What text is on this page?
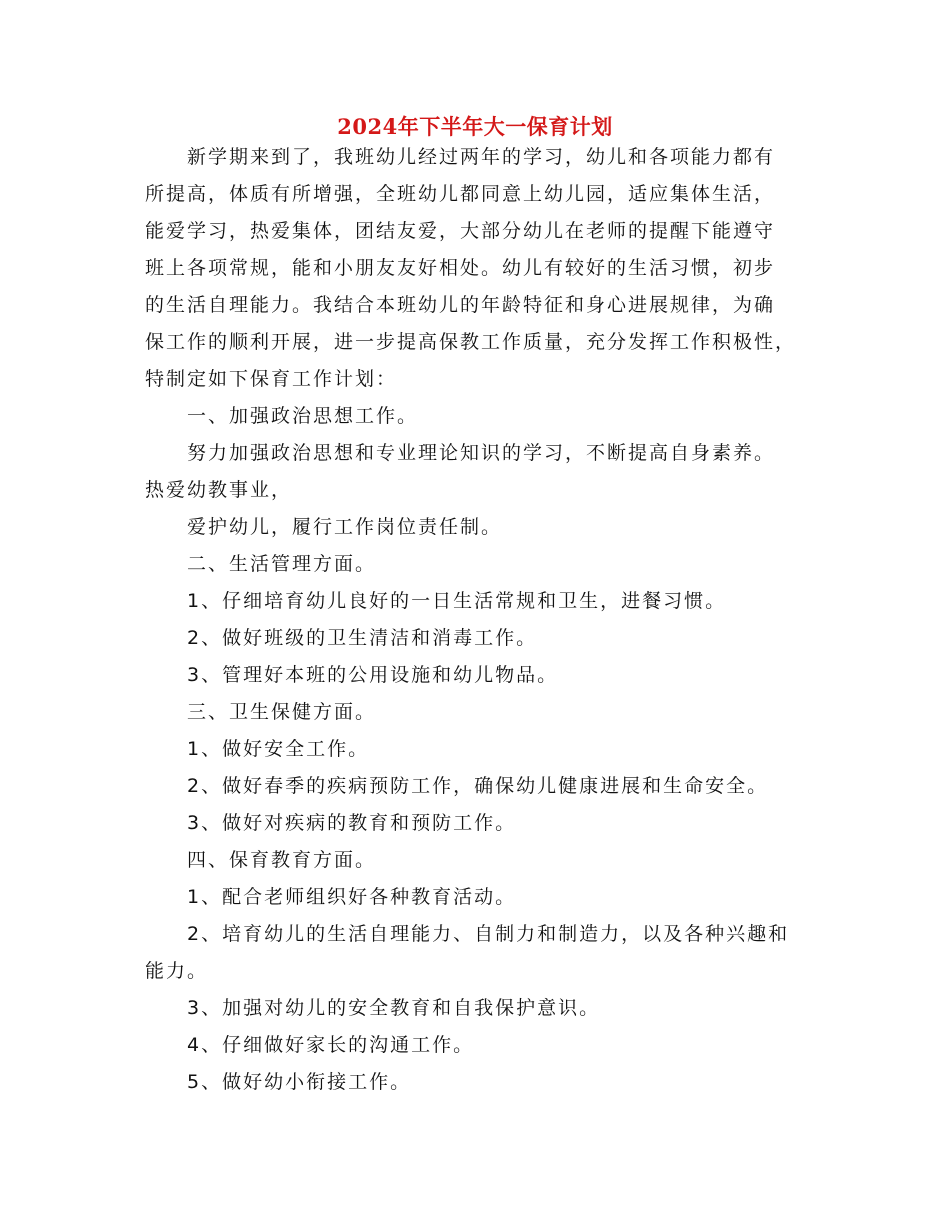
2024年下半年大一保育计划
新学期来到了，我班幼儿经过两年的学习，幼儿和各项能力都有
所提高，体质有所增强，全班幼儿都同意上幼儿园，适应集体生活，
能爱学习，热爱集体，团结友爱，大部分幼儿在老师的提醒下能遵守
班上各项常规，能和小朋友友好相处。幼儿有较好的生活习惯，初步
的生活自理能力。我结合本班幼儿的年龄特征和身心进展规律，为确
保工作的顺利开展，进一步提高保教工作质量，充分发挥工作积极性，
特制定如下保育工作计划：
一、加强政治思想工作。
努力加强政治思想和专业理论知识的学习，不断提高自身素养。
热爱幼教事业，
爱护幼儿，履行工作岗位责任制。
二、生活管理方面。
1、仔细培育幼儿良好的一日生活常规和卫生，进餐习惯。
2、做好班级的卫生清洁和消毒工作。
3、管理好本班的公用设施和幼儿物品。
三、卫生保健方面。
1、做好安全工作。
2、做好春季的疾病预防工作，确保幼儿健康进展和生命安全。
3、做好对疾病的教育和预防工作。
四、保育教育方面。
1、配合老师组织好各种教育活动。
2、培育幼儿的生活自理能力、自制力和制造力，以及各种兴趣和
能力。
3、加强对幼儿的安全教育和自我保护意识。
4、仔细做好家长的沟通工作。
5、做好幼小衔接工作。
